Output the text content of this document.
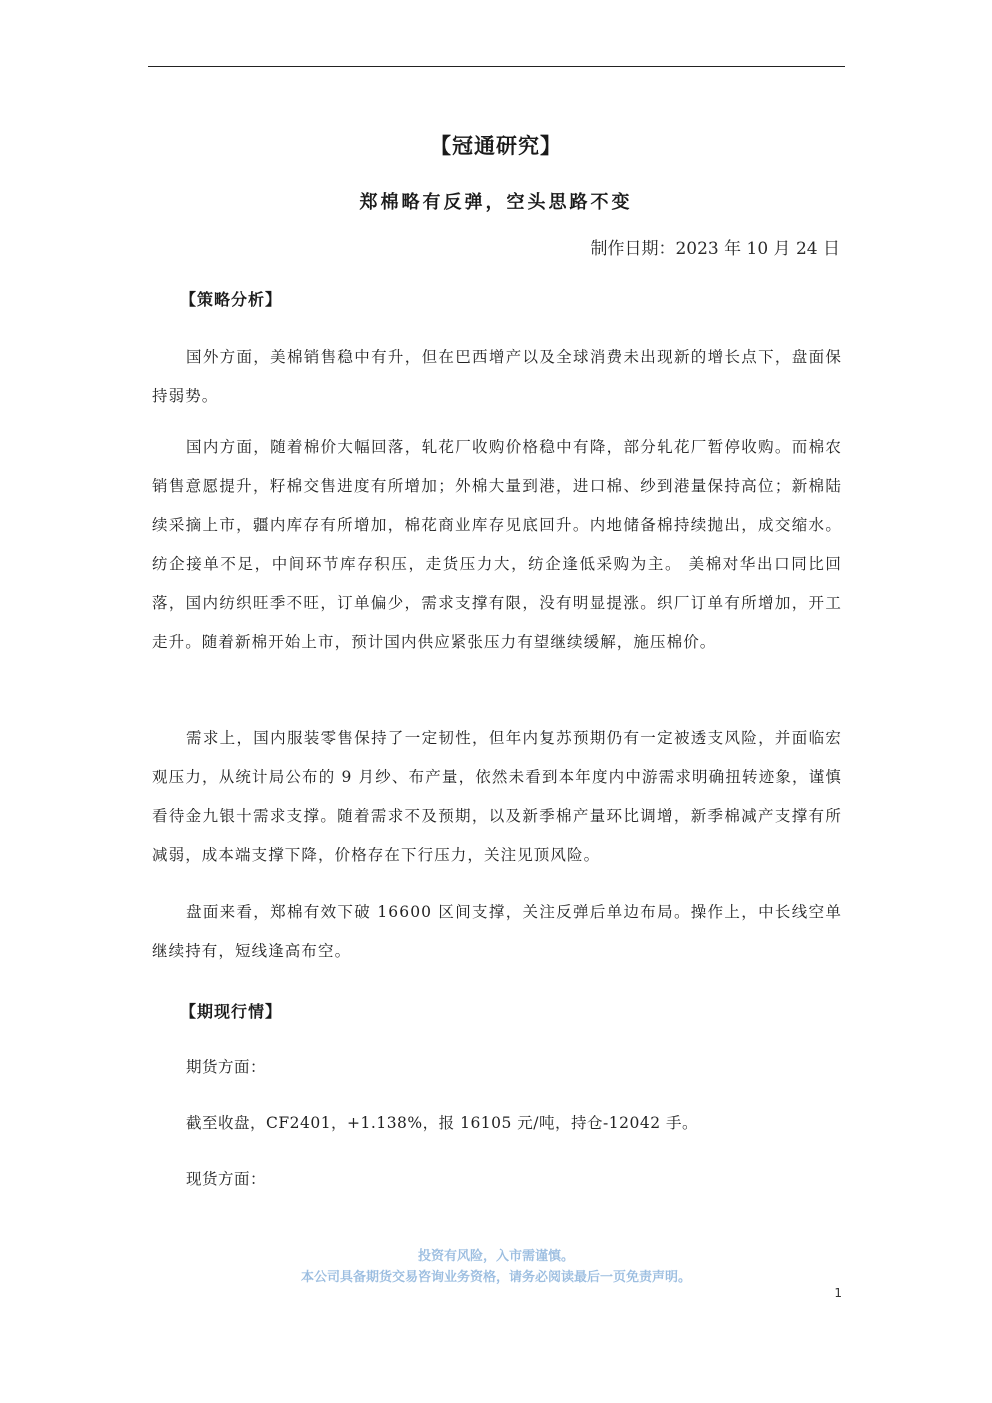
【冠通研究】
郑棉略有反弹，空头思路不变
制作日期：2023 年 10 月 24 日
【策略分析】
国外方面，美棉销售稳中有升，但在巴西增产以及全球消费未出现新的增长点下，盘面保持弱势。
国内方面，随着棉价大幅回落，轧花厂收购价格稳中有降，部分轧花厂暂停收购。而棉农销售意愿提升，籽棉交售进度有所增加；外棉大量到港，进口棉、纱到港量保持高位；新棉陆续采摘上市，疆内库存有所增加，棉花商业库存见底回升。内地储备棉持续抛出，成交缩水。纺企接单不足，中间环节库存积压，走货压力大，纺企逢低采购为主。 美棉对华出口同比回落，国内纺织旺季不旺，订单偏少，需求支撑有限，没有明显提涨。织厂订单有所增加，开工走升。随着新棉开始上市，预计国内供应紧张压力有望继续缓解，施压棉价。
需求上，国内服装零售保持了一定韧性，但年内复苏预期仍有一定被透支风险，并面临宏观压力，从统计局公布的 9 月纱、布产量，依然未看到本年度内中游需求明确扭转迹象，谨慎看待金九银十需求支撑。随着需求不及预期，以及新季棉产量环比调增，新季棉减产支撑有所减弱，成本端支撑下降，价格存在下行压力，关注见顶风险。
盘面来看，郑棉有效下破 16600 区间支撑，关注反弹后单边布局。操作上，中长线空单继续持有，短线逢高布空。
【期现行情】
期货方面：
截至收盘，CF2401，+1.138%，报 16105 元/吨，持仓-12042 手。
现货方面：
投资有风险，入市需谨慎。
本公司具备期货交易咨询业务资格，请务必阅读最后一页免责声明。
1
